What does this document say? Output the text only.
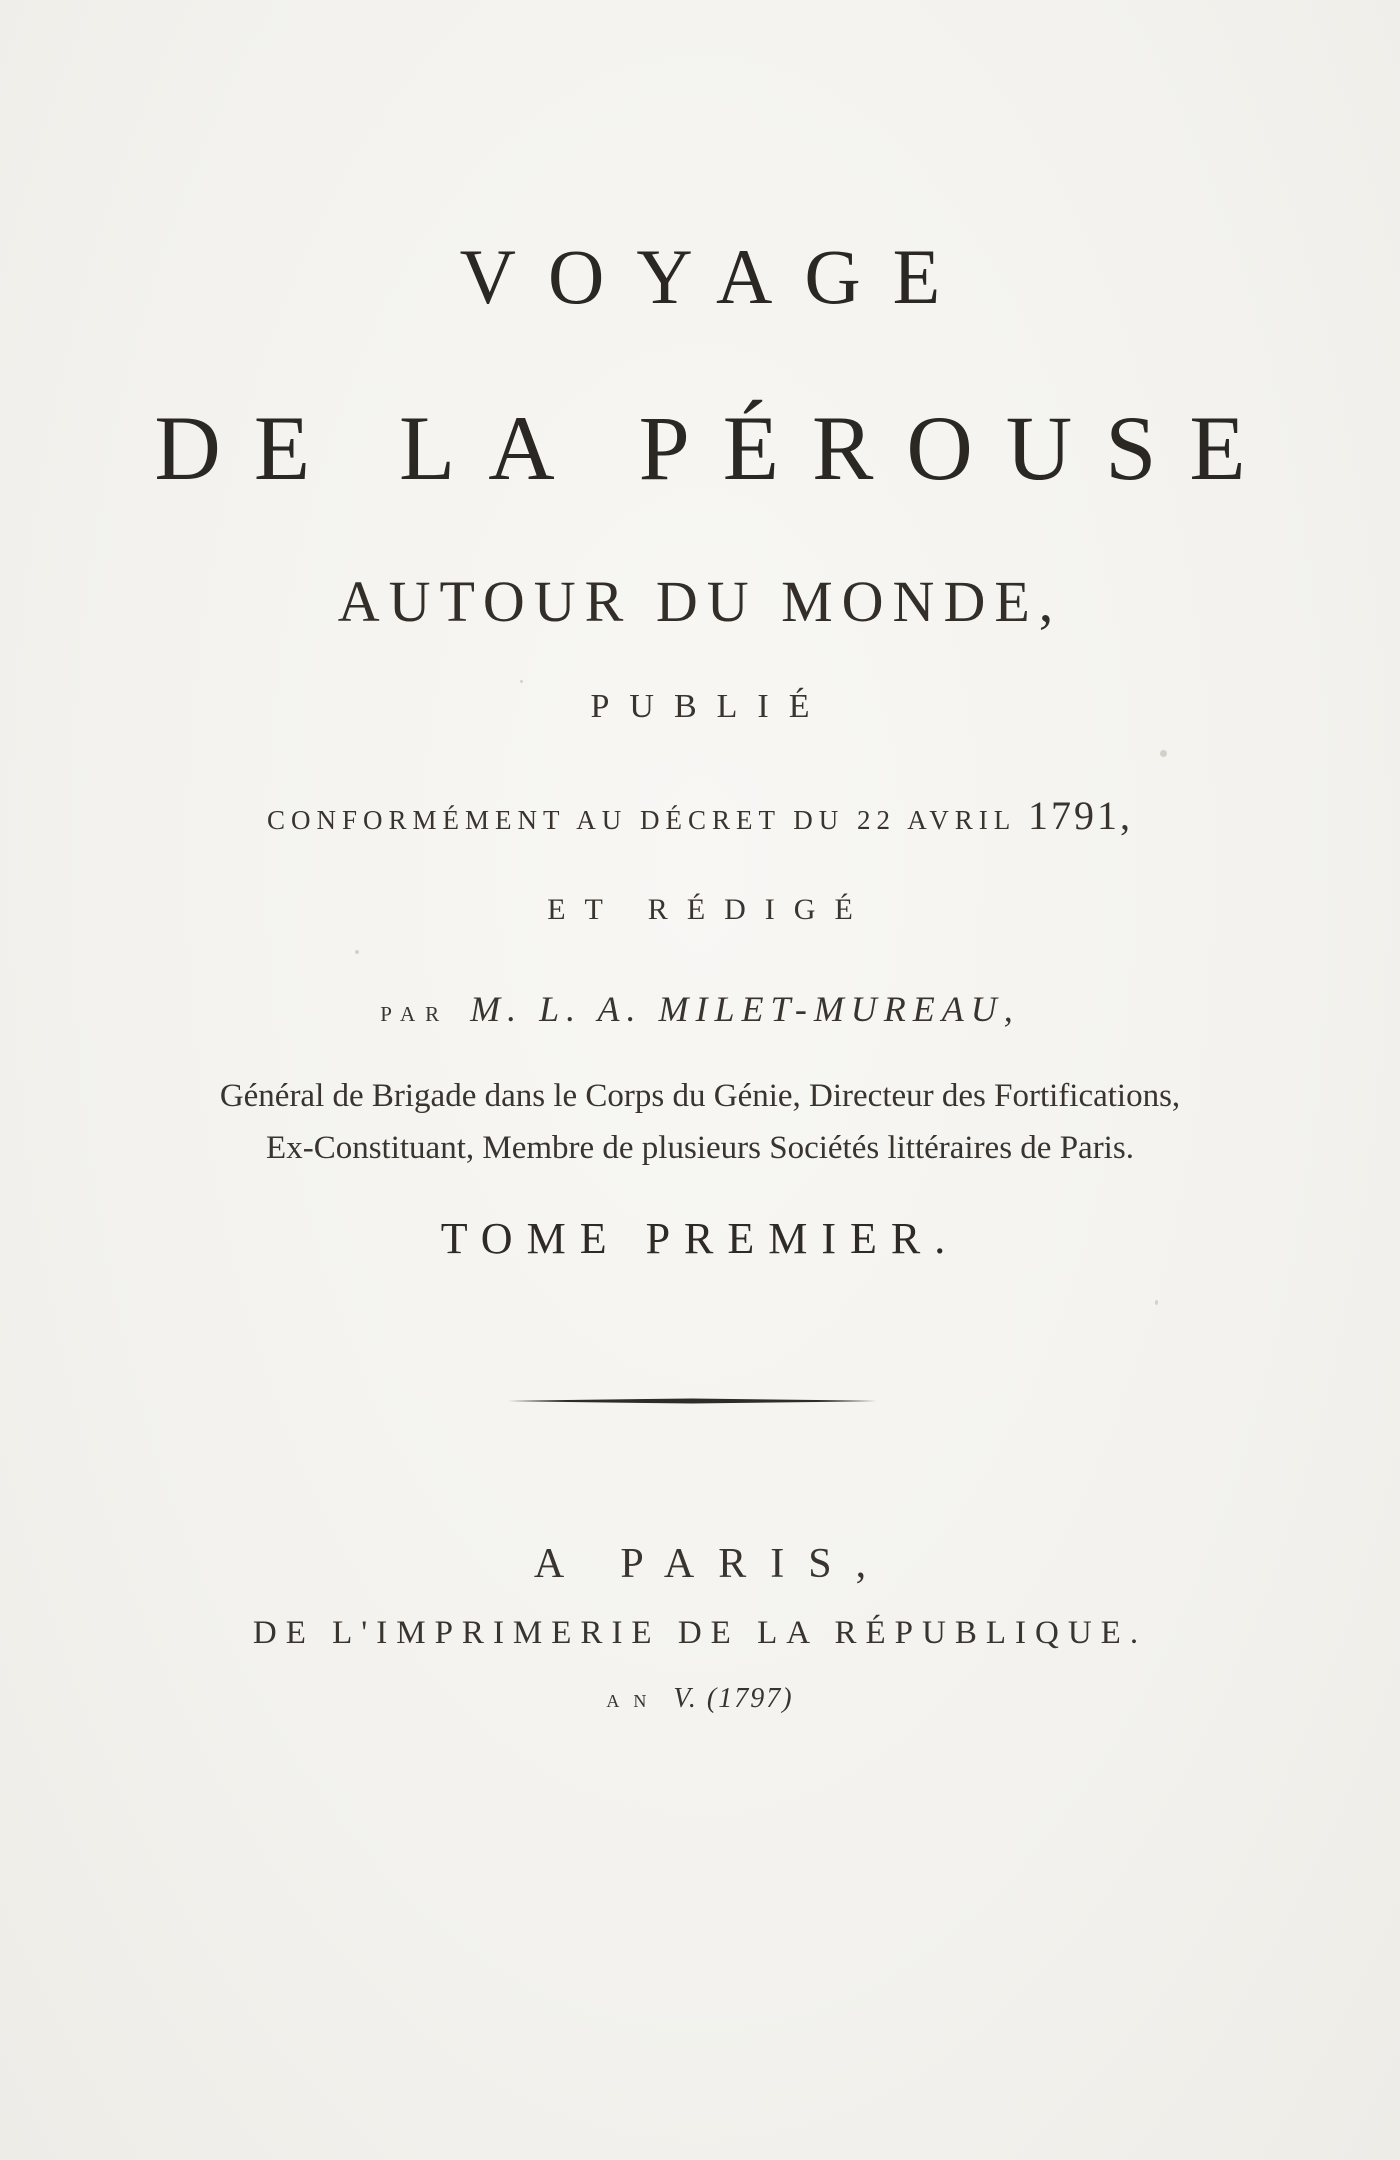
VOYAGE
DE LA PÉROUSE
AUTOUR DU MONDE,
PUBLIÉ
CONFORMÉMENT AU DÉCRET DU 22 AVRIL 1791,
ET RÉDIGÉ
PAR M. L. A. MILET-MUREAU,
Général de Brigade dans le Corps du Génie, Directeur des Fortifications,
Ex-Constituant, Membre de plusieurs Sociétés littéraires de Paris.
TOME PREMIER.
A PARIS,
DE L'IMPRIMERIE DE LA RÉPUBLIQUE.
AN V. (1797)
